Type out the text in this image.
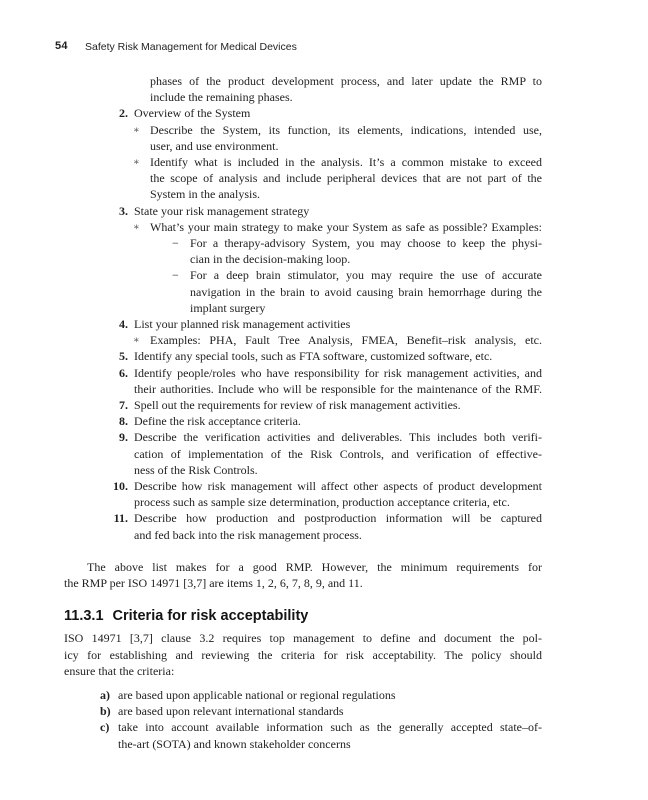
54 Safety Risk Management for Medical Devices
phases of the product development process, and later update the RMP to
include the remaining phases.
2. Overview of the System
∗ Describe the System, its function, its elements, indications, intended use,
user, and use environment.
∗ Identify what is included in the analysis. It’s a common mistake to exceed
the scope of analysis and include peripheral devices that are not part of the
System in the analysis.
3. State your risk management strategy
∗ What’s your main strategy to make your System as safe as possible? Examples:
− For a therapy-advisory System, you may choose to keep the physi-
cian in the decision-making loop.
− For a deep brain stimulator, you may require the use of accurate
navigation in the brain to avoid causing brain hemorrhage during the
implant surgery
4. List your planned risk management activities
∗ Examples: PHA, Fault Tree Analysis, FMEA, Benefit–risk analysis, etc.
5. Identify any special tools, such as FTA software, customized software, etc.
6. Identify people/roles who have responsibility for risk management activities, and
their authorities. Include who will be responsible for the maintenance of the RMF.
7. Spell out the requirements for review of risk management activities.
8. Define the risk acceptance criteria.
9. Describe the verification activities and deliverables. This includes both verifi-
cation of implementation of the Risk Controls, and verification of effective-
ness of the Risk Controls.
10. Describe how risk management will affect other aspects of product development
process such as sample size determination, production acceptance criteria, etc.
11. Describe how production and postproduction information will be captured
and fed back into the risk management process.
The above list makes for a good RMP. However, the minimum requirements for
the RMP per ISO 14971 [3,7] are items 1, 2, 6, 7, 8, 9, and 11.
11.3.1 Criteria for risk acceptability
ISO 14971 [3,7] clause 3.2 requires top management to define and document the pol-
icy for establishing and reviewing the criteria for risk acceptability. The policy should
ensure that the criteria:
a) are based upon applicable national or regional regulations
b) are based upon relevant international standards
c) take into account available information such as the generally accepted state–of-
the-art (SOTA) and known stakeholder concerns
